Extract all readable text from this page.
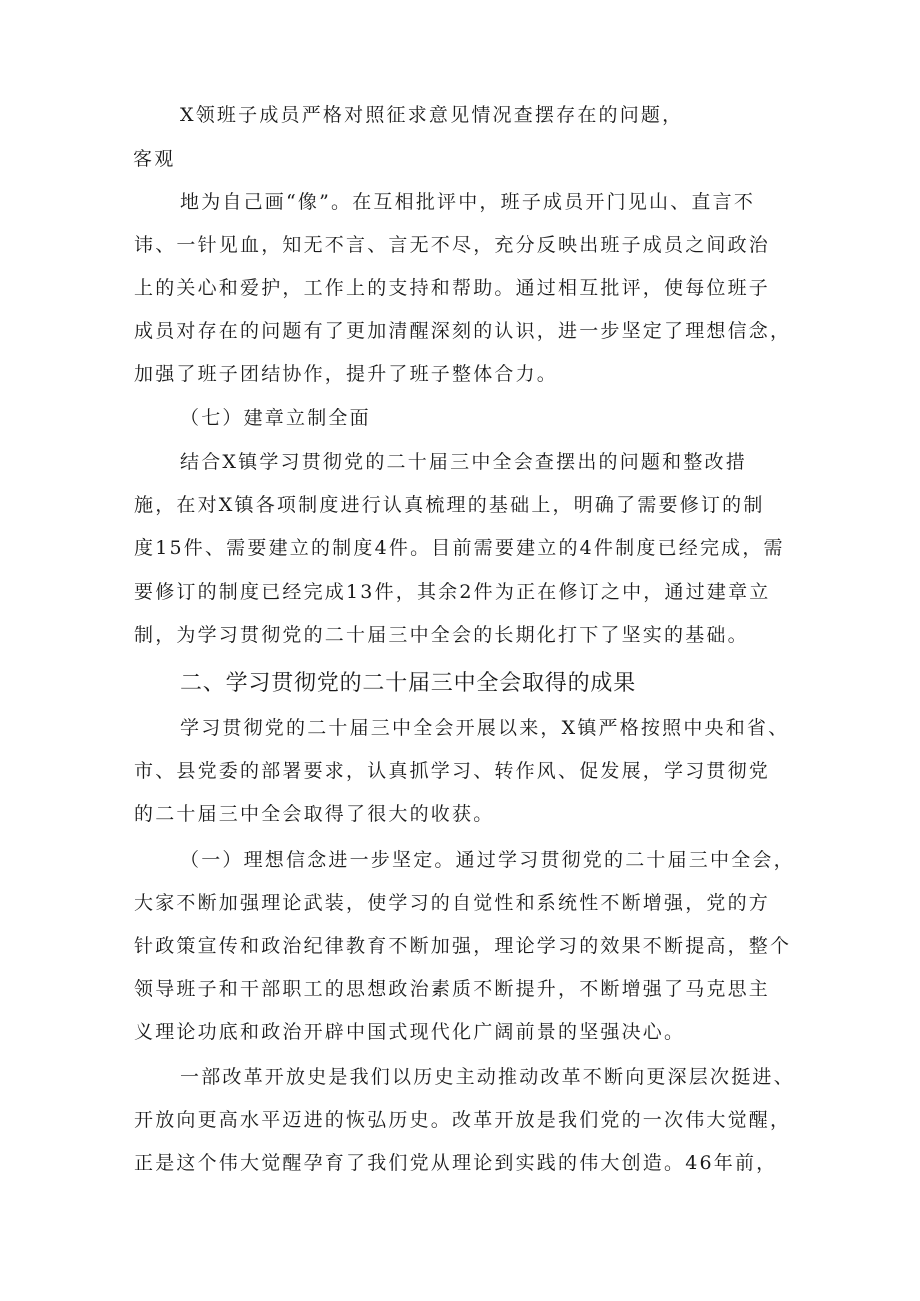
X领班子成员严格对照征求意见情况查摆存在的问题，
客观
地为自己画“像”。在互相批评中，班子成员开门见山、直言不
讳、一针见血，知无不言、言无不尽，充分反映出班子成员之间政治
上的关心和爱护，工作上的支持和帮助。通过相互批评，使每位班子
成员对存在的问题有了更加清醒深刻的认识，进一步坚定了理想信念，
加强了班子团结协作，提升了班子整体合力。
（七）建章立制全面
结合X镇学习贯彻党的二十届三中全会查摆出的问题和整改措
施，在对X镇各项制度进行认真梳理的基础上，明确了需要修订的制
度15件、需要建立的制度4件。目前需要建立的4件制度已经完成，需
要修订的制度已经完成13件，其余2件为正在修订之中，通过建章立
制，为学习贯彻党的二十届三中全会的长期化打下了坚实的基础。
二、学习贯彻党的二十届三中全会取得的成果
学习贯彻党的二十届三中全会开展以来，X镇严格按照中央和省、
市、县党委的部署要求，认真抓学习、转作风、促发展，学习贯彻党
的二十届三中全会取得了很大的收获。
（一）理想信念进一步坚定。通过学习贯彻党的二十届三中全会，
大家不断加强理论武装，使学习的自觉性和系统性不断增强，党的方
针政策宣传和政治纪律教育不断加强，理论学习的效果不断提高，整个
领导班子和干部职工的思想政治素质不断提升，不断增强了马克思主
义理论功底和政治开辟中国式现代化广阔前景的坚强决心。
一部改革开放史是我们以历史主动推动改革不断向更深层次挺进、
开放向更高水平迈进的恢弘历史。改革开放是我们党的一次伟大觉醒，
正是这个伟大觉醒孕育了我们党从理论到实践的伟大创造。46年前，
